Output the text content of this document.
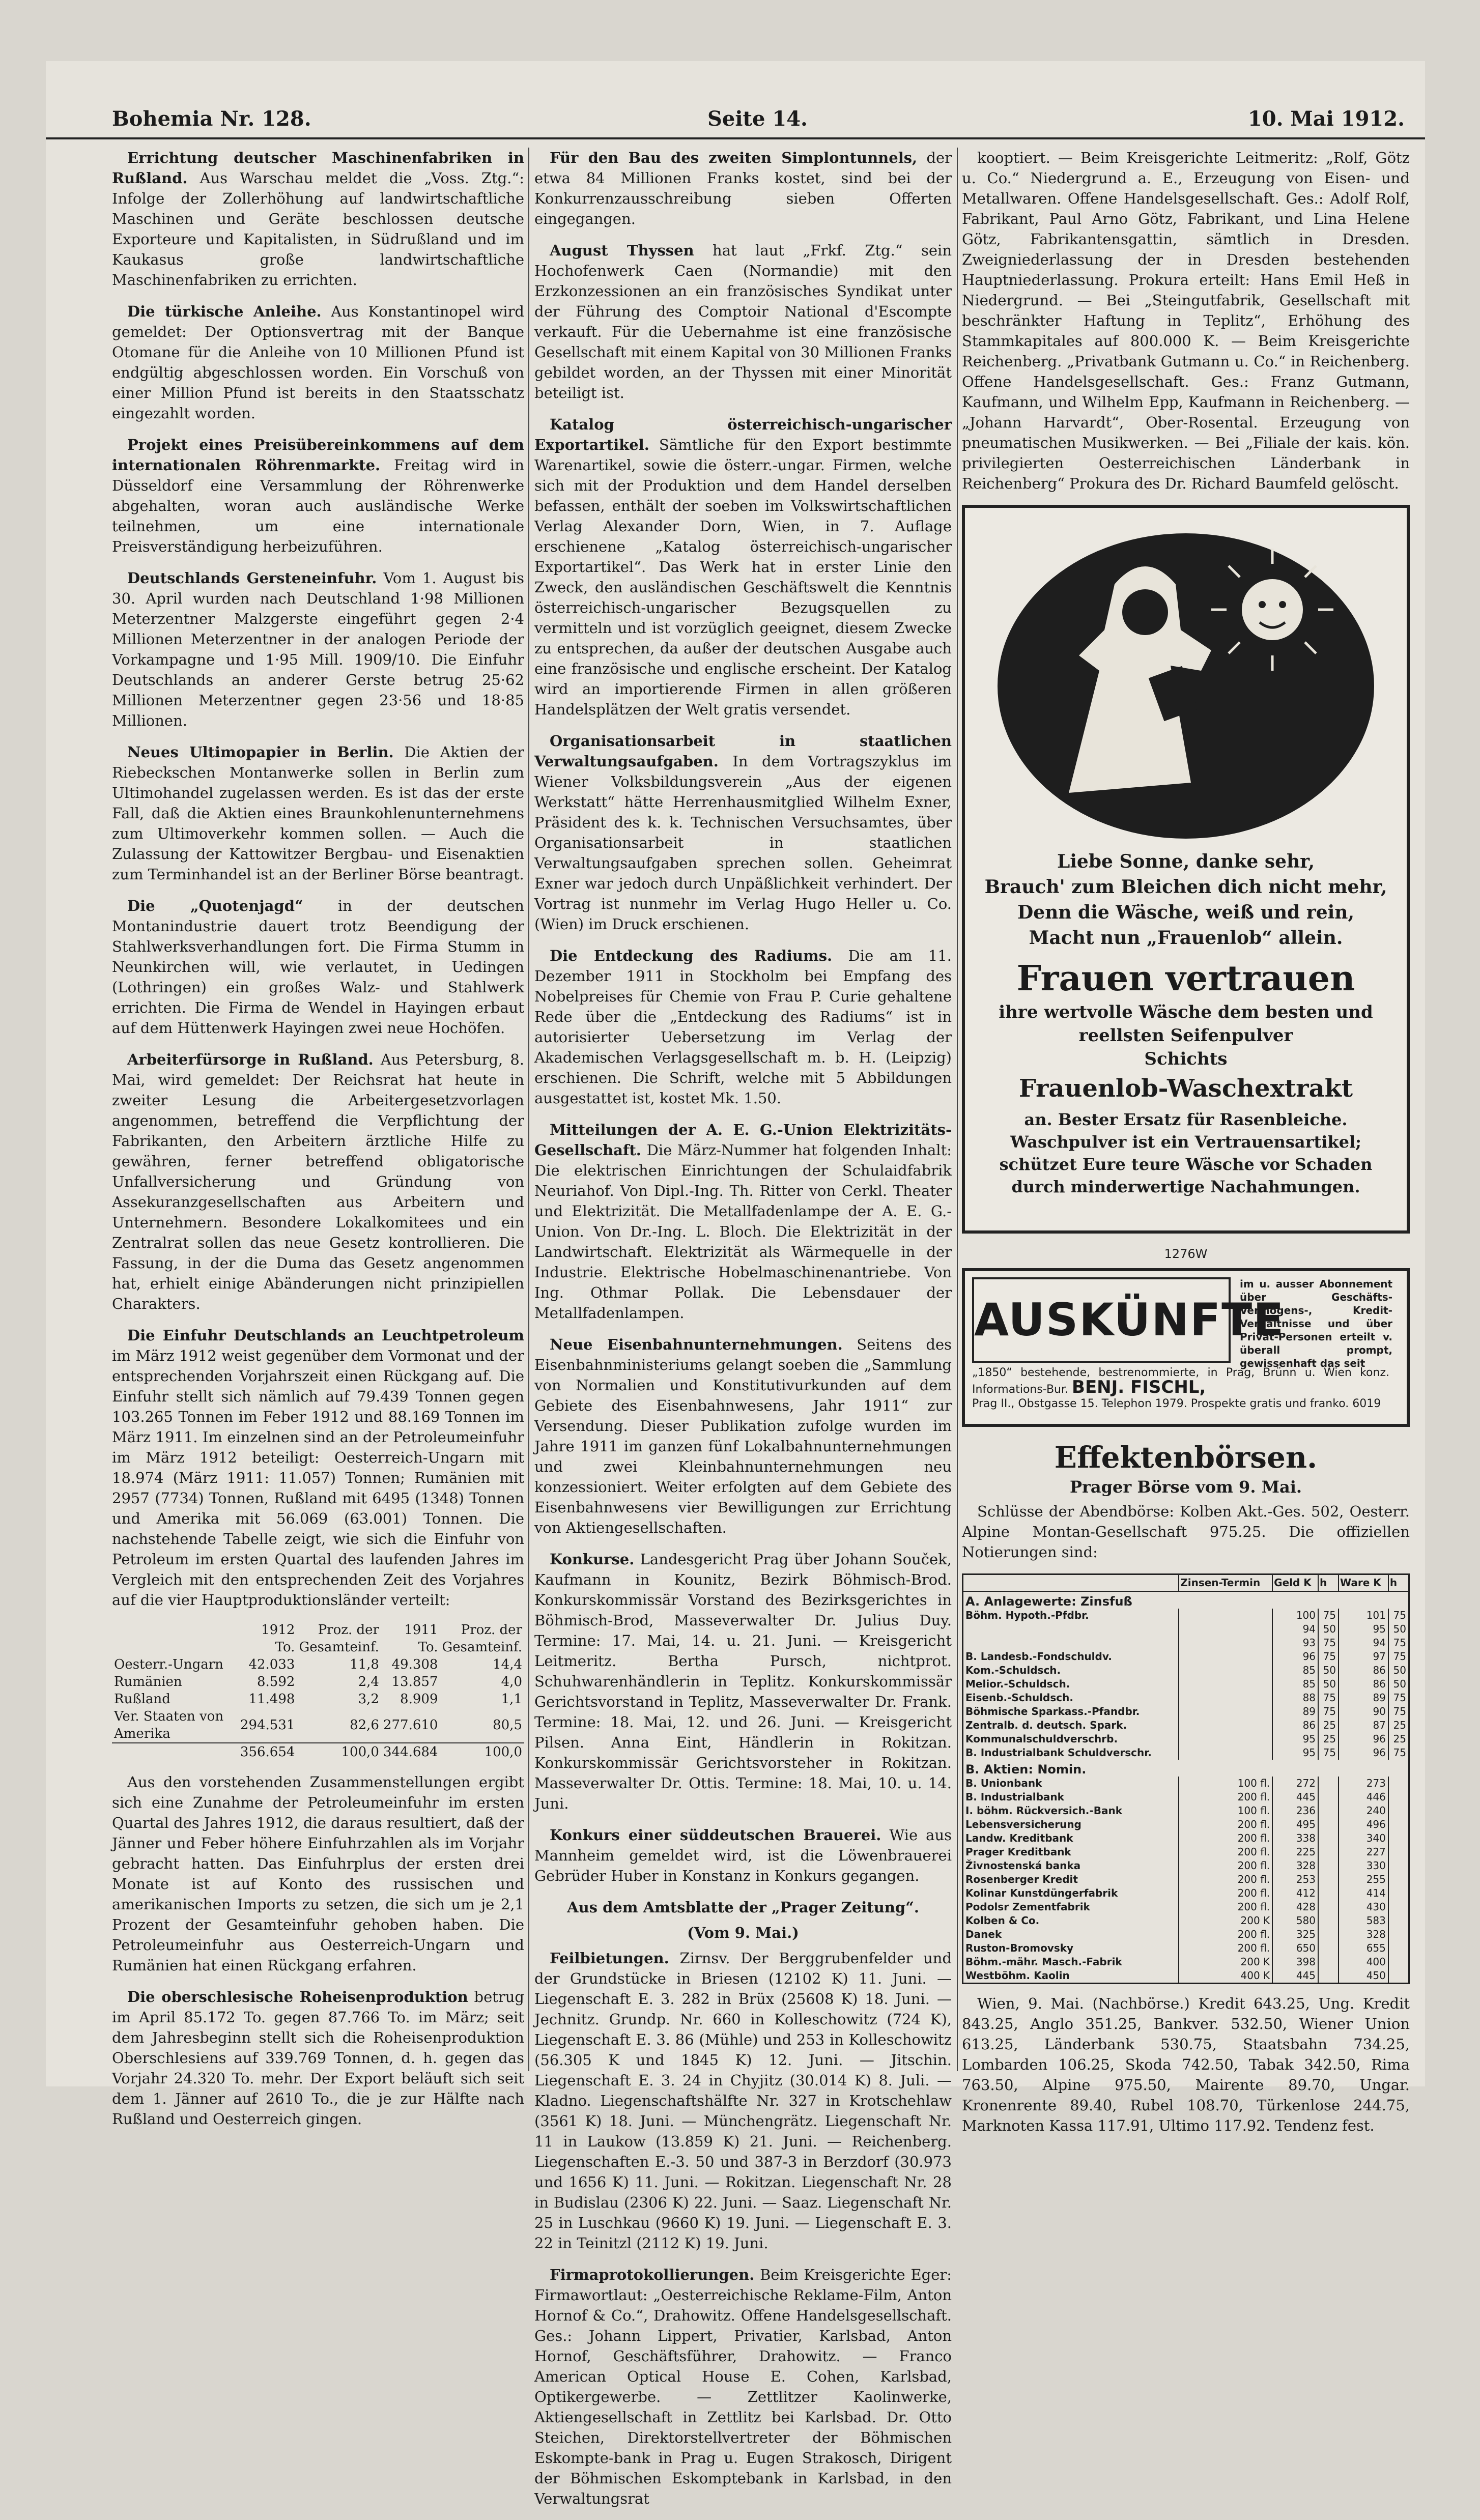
Bohemia Nr. 128.	Seite 14.	10. Mai 1912.

Errichtung deutscher Maschinenfabriken in Rußland. Aus Warschau meldet die „Voss. Ztg.“: Infolge der Zollerhöhung auf landwirtschaftliche Maschinen und Geräte beschlossen deutsche Exporteure und Kapitalisten, in Südrußland und im Kaukasus große landwirtschaftliche Maschinenfabriken zu errichten.

Die türkische Anleihe. Aus Konstantinopel wird gemeldet: Der Optionsvertrag mit der Banque Otomane für die Anleihe von 10 Millionen Pfund ist endgültig abgeschlossen worden. Ein Vorschuß von einer Million Pfund ist bereits in den Staatsschatz eingezahlt worden.

Projekt eines Preisübereinkommens auf dem internationalen Röhrenmarkte. Freitag wird in Düsseldorf eine Versammlung der Röhrenwerke abgehalten, woran auch ausländische Werke teilnehmen, um eine internationale Preisverständigung herbeizuführen.

Deutschlands Gersteneinfuhr. Vom 1. August bis 30. April wurden nach Deutschland 1·98 Millionen Meterzentner Malzgerste eingeführt gegen 2·4 Millionen Meterzentner in der analogen Periode der Vorkampagne und 1·95 Mill. 1909/10. Die Einfuhr Deutschlands an anderer Gerste betrug 25·62 Millionen Meterzentner gegen 23·56 und 18·85 Millionen.

Neues Ultimopapier in Berlin. Die Aktien der Riebeckschen Montanwerke sollen in Berlin zum Ultimohandel zugelassen werden. Es ist das der erste Fall, daß die Aktien eines Braunkohlenunternehmens zum Ultimoverkehr kommen sollen. — Auch die Zulassung der Kattowitzer Bergbau- und Eisenaktien zum Terminhandel ist an der Berliner Börse beantragt.

Die „Quotenjagd“ in der deutschen Montanindustrie dauert trotz Beendigung der Stahlwerksverhandlungen fort. Die Firma Stumm in Neunkirchen will, wie verlautet, in Uedingen (Lothringen) ein großes Walz- und Stahlwerk errichten. Die Firma de Wendel in Hayingen erbaut auf dem Hüttenwerk Hayingen zwei neue Hochöfen.

Arbeiterfürsorge in Rußland. Aus Petersburg, 8. Mai, wird gemeldet: Der Reichsrat hat heute in zweiter Lesung die Arbeitergesetzvorlagen angenommen, betreffend die Verpflichtung der Fabrikanten, den Arbeitern ärztliche Hilfe zu gewähren, ferner betreffend obligatorische Unfallversicherung und Gründung von Assekuranzgesellschaften aus Arbeitern und Unternehmern. Besondere Lokalkomitees und ein Zentralrat sollen das neue Gesetz kontrollieren. Die Fassung, in der die Duma das Gesetz angenommen hat, erhielt einige Abänderungen nicht prinzipiellen Charakters.

Die Einfuhr Deutschlands an Leuchtpetroleum im März 1912 weist gegenüber dem Vormonat und der entsprechenden Vorjahrszeit einen Rückgang auf. Die Einfuhr stellt sich nämlich auf 79.439 Tonnen gegen 103.265 Tonnen im Feber 1912 und 88.169 Tonnen im März 1911. Im einzelnen sind an der Petroleumeinfuhr im März 1912 beteiligt: Oesterreich-Ungarn mit 18.974 (März 1911: 11.057) Tonnen; Rumänien mit 2957 (7734) Tonnen, Rußland mit 6495 (1348) Tonnen und Amerika mit 56.069 (63.001) Tonnen. Die nachstehende Tabelle zeigt, wie sich die Einfuhr von Petroleum im ersten Quartal des laufenden Jahres im Vergleich mit den entsprechenden Zeit des Vorjahres auf die vier Hauptproduktionsländer verteilt:

	1912	Proz. der	1911	Proz. der
	To.	Gesamteinf.	To.	Gesamteinf.
Oesterr.-Ungarn	42.033	11,8	49.308	14,4
Rumänien	8.592	2,4	13.857	4,0
Rußland	11.498	3,2	8.909	1,1
Ver. Staaten von Amerika	294.531	82,6	277.610	80,5
	356.654	100,0	344.684	100,0

Aus den vorstehenden Zusammenstellungen ergibt sich eine Zunahme der Petroleumeinfuhr im ersten Quartal des Jahres 1912, die daraus resultiert, daß der Jänner und Feber höhere Einfuhrzahlen als im Vorjahr gebracht hatten. Das Einfuhrplus der ersten drei Monate ist auf Konto des russischen und amerikanischen Imports zu setzen, die sich um je 2,1 Prozent der Gesamteinfuhr gehoben haben. Die Petroleumeinfuhr aus Oesterreich-Ungarn und Rumänien hat einen Rückgang erfahren.

Die oberschlesische Roheisenproduktion betrug im April 85.172 To. gegen 87.766 To. im März; seit dem Jahresbeginn stellt sich die Roheisenproduktion Oberschlesiens auf 339.769 Tonnen, d. h. gegen das Vorjahr 24.320 To. mehr. Der Export beläuft sich seit dem 1. Jänner auf 2610 To., die je zur Hälfte nach Rußland und Oesterreich gingen.

Für den Bau des zweiten Simplontunnels, der etwa 84 Millionen Franks kostet, sind bei der Konkurrenzausschreibung sieben Offerten eingegangen.

August Thyssen hat laut „Frkf. Ztg.“ sein Hochofenwerk Caen (Normandie) mit den Erzkonzessionen an ein französisches Syndikat unter der Führung des Comptoir National d'Escompte verkauft. Für die Uebernahme ist eine französische Gesellschaft mit einem Kapital von 30 Millionen Franks gebildet worden, an der Thyssen mit einer Minorität beteiligt ist.

Katalog österreichisch-ungarischer Exportartikel. Sämtliche für den Export bestimmte Warenartikel, sowie die österr.-ungar. Firmen, welche sich mit der Produktion und dem Handel derselben befassen, enthält der soeben im Volkswirtschaftlichen Verlag Alexander Dorn, Wien, in 7. Auflage erschienene „Katalog österreichisch-ungarischer Exportartikel“. Das Werk hat in erster Linie den Zweck, den ausländischen Geschäftswelt die Kenntnis österreichisch-ungarischer Bezugsquellen zu vermitteln und ist vorzüglich geeignet, diesem Zwecke zu entsprechen, da außer der deutschen Ausgabe auch eine französische und englische erscheint. Der Katalog wird an importierende Firmen in allen größeren Handelsplätzen der Welt gratis versendet.

Organisationsarbeit in staatlichen Verwaltungsaufgaben. In dem Vortragszyklus im Wiener Volksbildungsverein „Aus der eigenen Werkstatt“ hätte Herrenhausmitglied Wilhelm Exner, Präsident des k. k. Technischen Versuchsamtes, über Organisationsarbeit in staatlichen Verwaltungsaufgaben sprechen sollen. Geheimrat Exner war jedoch durch Unpäßlichkeit verhindert. Der Vortrag ist nunmehr im Verlag Hugo Heller u. Co. (Wien) im Druck erschienen.

Die Entdeckung des Radiums. Die am 11. Dezember 1911 in Stockholm bei Empfang des Nobelpreises für Chemie von Frau P. Curie gehaltene Rede über die „Entdeckung des Radiums“ ist in autorisierter Uebersetzung im Verlag der Akademischen Verlagsgesellschaft m. b. H. (Leipzig) erschienen. Die Schrift, welche mit 5 Abbildungen ausgestattet ist, kostet Mk. 1.50.

Mitteilungen der A. E. G.-Union Elektrizitäts-Gesellschaft. Die März-Nummer hat folgenden Inhalt: Die elektrischen Einrichtungen der Schulaidfabrik Neuriahof. Von Dipl.-Ing. Th. Ritter von Cerkl. Theater und Elektrizität. Die Metallfadenlampe der A. E. G.-Union. Von Dr.-Ing. L. Bloch. Die Elektrizität in der Landwirtschaft. Elektrizität als Wärmequelle in der Industrie. Elektrische Hobelmaschinenantriebe. Von Ing. Othmar Pollak. Die Lebensdauer der Metallfadenlampen.

Neue Eisenbahnunternehmungen. Seitens des Eisenbahnministeriums gelangt soeben die „Sammlung von Normalien und Konstitutivurkunden auf dem Gebiete des Eisenbahnwesens, Jahr 1911“ zur Versendung. Dieser Publikation zufolge wurden im Jahre 1911 im ganzen fünf Lokalbahnunternehmungen und zwei Kleinbahnunternehmungen neu konzessioniert. Weiter erfolgten auf dem Gebiete des Eisenbahnwesens vier Bewilligungen zur Errichtung von Aktiengesellschaften.

Konkurse. Landesgericht Prag über Johann Souček, Kaufmann in Kounitz, Bezirk Böhmisch-Brod. Konkurskommissär Vorstand des Bezirksgerichtes in Böhmisch-Brod, Masseverwalter Dr. Julius Duy. Termine: 17. Mai, 14. u. 21. Juni. — Kreisgericht Leitmeritz. Bertha Pursch, nichtprot. Schuhwarenhändlerin in Teplitz. Konkurskommissär Gerichtsvorstand in Teplitz, Masseverwalter Dr. Frank. Termine: 18. Mai, 12. und 26. Juni. — Kreisgericht Pilsen. Anna Eint, Händlerin in Rokitzan. Konkurskommissär Gerichtsvorsteher in Rokitzan. Masseverwalter Dr. Ottis. Termine: 18. Mai, 10. u. 14. Juni.

Konkurs einer süddeutschen Brauerei. Wie aus Mannheim gemeldet wird, ist die Löwenbrauerei Gebrüder Huber in Konstanz in Konkurs gegangen.

Aus dem Amtsblatte der „Prager Zeitung“.
(Vom 9. Mai.)

Feilbietungen. Zirnsv. Der Berggrubenfelder und der Grundstücke in Briesen (12102 K) 11. Juni. — Liegenschaft E. 3. 282 in Brüx (25608 K) 18. Juni. — Jechnitz. Grundp. Nr. 660 in Kolleschowitz (724 K), Liegenschaft E. 3. 86 (Mühle) und 253 in Kolleschowitz (56.305 K und 1845 K) 12. Juni. — Jitschin. Liegenschaft E. 3. 24 in Chyjitz (30.014 K) 8. Juli. — Kladno. Liegenschaftshälfte Nr. 327 in Krotschehlaw (3561 K) 18. Juni. — Münchengrätz. Liegenschaft Nr. 11 in Laukow (13.859 K) 21. Juni. — Reichenberg. Liegenschaften E.-3. 50 und 387-3 in Berzdorf (30.973 und 1656 K) 11. Juni. — Rokitzan. Liegenschaft Nr. 28 in Budislau (2306 K) 22. Juni. — Saaz. Liegenschaft Nr. 25 in Luschkau (9660 K) 19. Juni. — Liegenschaft E. 3. 22 in Teinitzl (2112 K) 19. Juni.

Firmaprotokollierungen. Beim Kreisgerichte Eger: Firmawortlaut: „Oesterreichische Reklame-Film, Anton Hornof & Co.“, Drahowitz. Offene Handelsgesellschaft. Ges.: Johann Lippert, Privatier, Karlsbad, Anton Hornof, Geschäftsführer, Drahowitz. — Franco American Optical House E. Cohen, Karlsbad, Optikergewerbe. — Zettlitzer Kaolinwerke, Aktiengesellschaft in Zettlitz bei Karlsbad. Dr. Otto Steichen, Direktorstellvertreter der Böhmischen Eskompte-bank in Prag u. Eugen Strakosch, Dirigent der Böhmischen Eskomptebank in Karlsbad, in den Verwaltungsrat

kooptiert. — Beim Kreisgerichte Leitmeritz: „Rolf, Götz u. Co.“ Niedergrund a. E., Erzeugung von Eisen- und Metallwaren. Offene Handelsgesellschaft. Ges.: Adolf Rolf, Fabrikant, Paul Arno Götz, Fabrikant, und Lina Helene Götz, Fabrikantensgattin, sämtlich in Dresden. Zweigniederlassung der in Dresden bestehenden Hauptniederlassung. Prokura erteilt: Hans Emil Heß in Niedergrund. — Bei „Steingutfabrik, Gesellschaft mit beschränkter Haftung in Teplitz“, Erhöhung des Stammkapitales auf 800.000 K. — Beim Kreisgerichte Reichenberg. „Privatbank Gutmann u. Co.“ in Reichenberg. Offene Handelsgesellschaft. Ges.: Franz Gutmann, Kaufmann, und Wilhelm Epp, Kaufmann in Reichenberg. — „Johann Harvardt“, Ober-Rosental. Erzeugung von pneumatischen Musikwerken. — Bei „Filiale der kais. kön. privilegierten Oesterreichischen Länderbank in Reichenberg“ Prokura des Dr. Richard Baumfeld gelöscht.

Liebe Sonne, danke sehr,
Brauch' zum Bleichen dich nicht mehr,
Denn die Wäsche, weiß und rein,
Macht nun „Frauenlob“ allein.
Frauen vertrauen
ihre wertvolle Wäsche dem besten und
reellsten Seifenpulver
Schichts
Frauenlob-Waschextrakt
an. Bester Ersatz für Rasenbleiche.
Waschpulver ist ein Vertrauensartikel;
schützet Eure teure Wäsche vor Schaden
durch minderwertige Nachahmungen.
1276W
AUSKÜNFTE
im u. ausser Abonnement über Geschäfts-Vermögens-, Kredit-Verhältnisse und über Privat-Personen erteilt v. überall prompt, gewissenhaft das seit
„1850“ bestehende, bestrenommierte, in Prag, Brünn u. Wien konz. Informations-Bur. BENJ. FISCHL,
Prag II., Obstgasse 15. Telephon 1979. Prospekte gratis und franko. 6019
Effektenbörsen.
Prager Börse vom 9. Mai.

Schlüsse der Abendbörse: Kolben Akt.-Ges. 502, Oesterr. Alpine Montan-Gesellschaft 975.25. Die offiziellen Notierungen sind:

	Zinsen-Termin	Geld K	h	Ware K	h
A. Anlagewerte: Zinsfuß					
Böhm. Hypoth.-Pfdbr.		100	75	101	75
		94	50	95	50
		93	75	94	75
B. Landesb.-Fondschuldv.		96	75	97	75
Kom.-Schuldsch.		85	50	86	50
Melior.-Schuldsch.		85	50	86	50
Eisenb.-Schuldsch.		88	75	89	75
Böhmische Sparkass.-Pfandbr.		89	75	90	75
Zentralb. d. deutsch. Spark.		86	25	87	25
Kommunalschuldverschrb.		95	25	96	25
B. Industrialbank Schuldverschr.		95	75	96	75
B. Aktien: Nomin.					
B. Unionbank	100 fl.	272		273	
B. Industrialbank	200 fl.	445		446	
I. böhm. Rückversich.-Bank	100 fl.	236		240	
Lebensversicherung	200 fl.	495		496	
Landw. Kreditbank	200 fl.	338		340	
Prager Kreditbank	200 fl.	225		227	
Živnostenská banka	200 fl.	328		330	
Rosenberger Kredit	200 fl.	253		255	
Kolinar Kunstdüngerfabrik	200 fl.	412		414	
Podolsr Zementfabrik	200 fl.	428		430	
Kolben & Co.	200 K	580		583	
Danek	200 fl.	325		328	
Ruston-Bromovsky	200 fl.	650		655	
Böhm.-mähr. Masch.-Fabrik	200 K	398		400	
Westböhm. Kaolin	400 K	445		450	

Wien, 9. Mai. (Nachbörse.) Kredit 643.25, Ung. Kredit 843.25, Anglo 351.25, Bankver. 532.50, Wiener Union 613.25, Länderbank 530.75, Staatsbahn 734.25, Lombarden 106.25, Skoda 742.50, Tabak 342.50, Rima 763.50, Alpine 975.50, Mairente 89.70, Ungar. Kronenrente 89.40, Rubel 108.70, Türkenlose 244.75, Marknoten Kassa 117.91, Ultimo 117.92. Tendenz fest.
